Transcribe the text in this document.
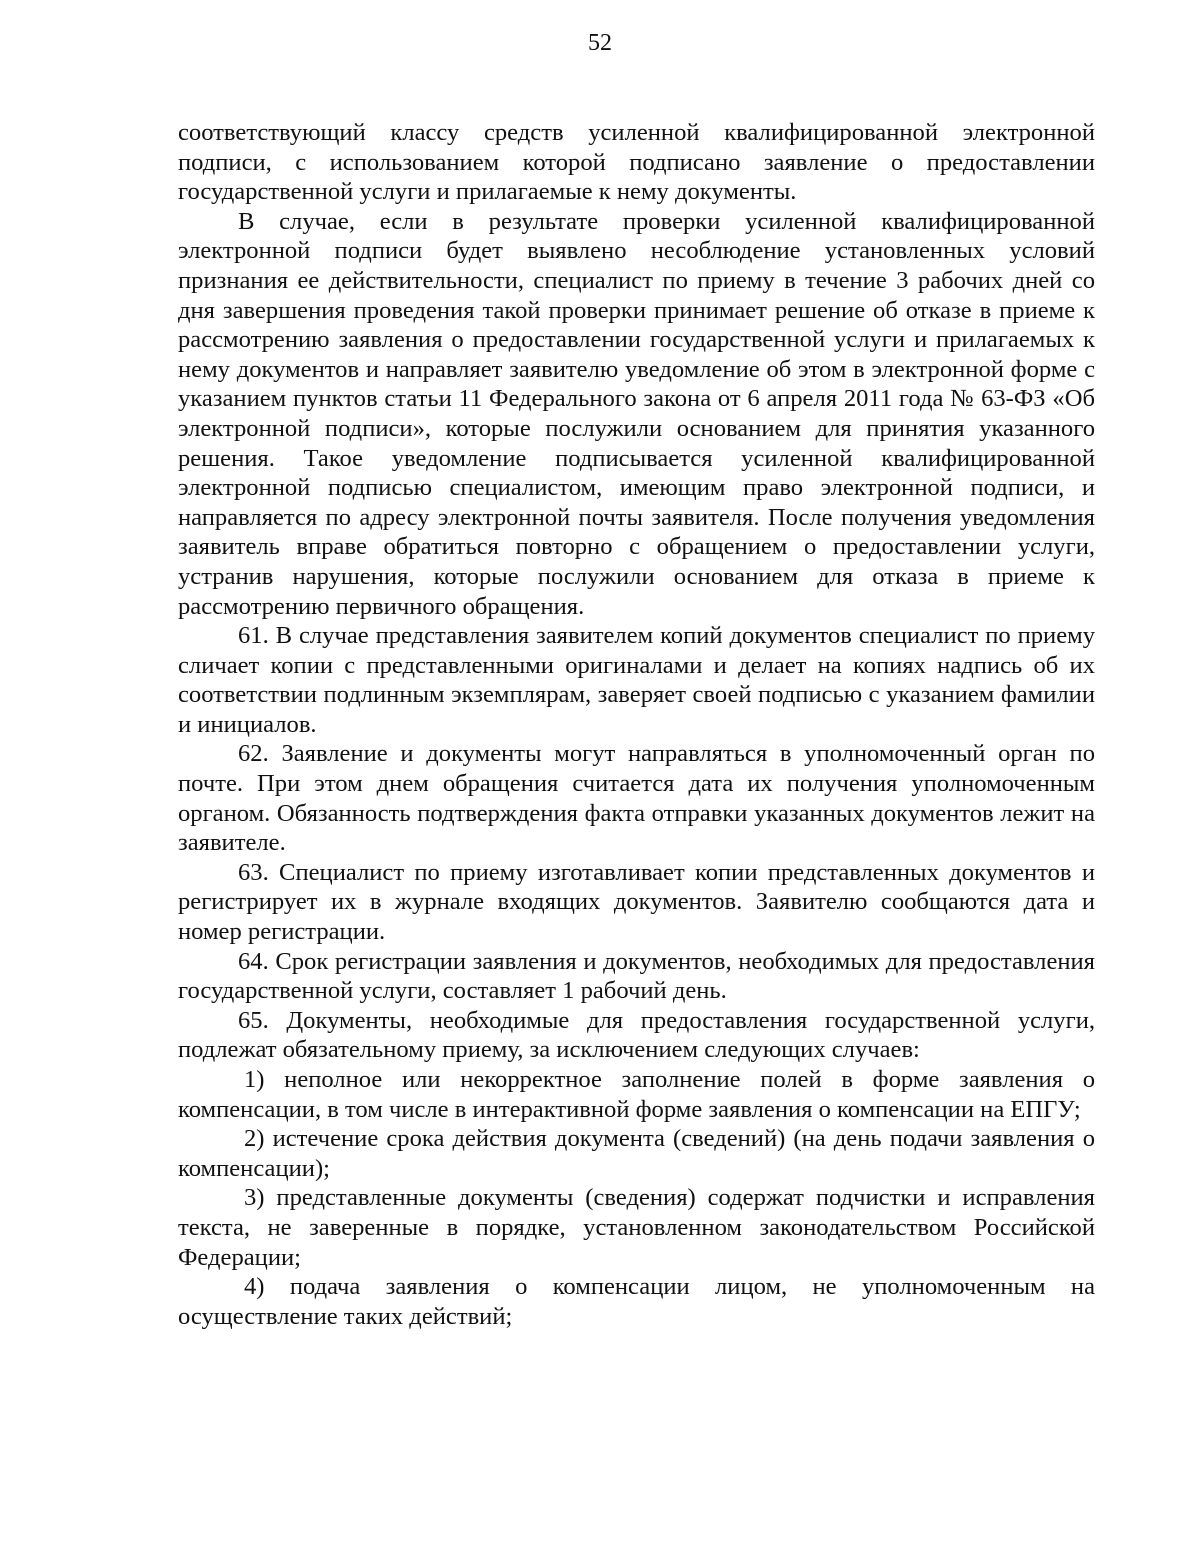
52

соответствующий классу средств усиленной квалифицированной электронной подписи, с использованием которой подписано заявление о предоставлении государственной услуги и прилагаемые к нему документы.

В случае, если в результате проверки усиленной квалифицированной электронной подписи будет выявлено несоблюдение установленных условий признания ее действительности, специалист по приему в течение 3 рабочих дней со дня завершения проведения такой проверки принимает решение об отказе в приеме к рассмотрению заявления о предоставлении государственной услуги и прилагаемых к нему документов и направляет заявителю уведомление об этом в электронной форме с указанием пунктов статьи 11 Федерального закона от 6 апреля 2011 года № 63-ФЗ «Об электронной подписи», которые послужили основанием для принятия указанного решения. Такое уведомление подписывается усиленной квалифицированной электронной подписью специалистом, имеющим право электронной подписи, и направляется по адресу электронной почты заявителя. После получения уведомления заявитель вправе обратиться повторно с обращением о предоставлении услуги, устранив нарушения, которые послужили основанием для отказа в приеме к рассмотрению первичного обращения.

61. В случае представления заявителем копий документов специалист по приему сличает копии с представленными оригиналами и делает на копиях надпись об их соответствии подлинным экземплярам, заверяет своей подписью с указанием фамилии и инициалов.

62. Заявление и документы могут направляться в уполномоченный орган по почте. При этом днем обращения считается дата их получения уполномоченным органом. Обязанность подтверждения факта отправки указанных документов лежит на заявителе.

63. Специалист по приему изготавливает копии представленных документов и регистрирует их в журнале входящих документов. Заявителю сообщаются дата и номер регистрации.

64. Срок регистрации заявления и документов, необходимых для предоставления государственной услуги, составляет 1 рабочий день.

65. Документы, необходимые для предоставления государственной услуги, подлежат обязательному приему, за исключением следующих случаев:

1) неполное или некорректное заполнение полей в форме заявления о компенсации, в том числе в интерактивной форме заявления о компенсации на ЕПГУ;

2) истечение срока действия документа (сведений) (на день подачи заявления о компенсации);

3) представленные документы (сведения) содержат подчистки и исправления текста, не заверенные в порядке, установленном законодательством Российской Федерации;

4) подача заявления о компенсации лицом, не уполномоченным на осуществление таких действий;
